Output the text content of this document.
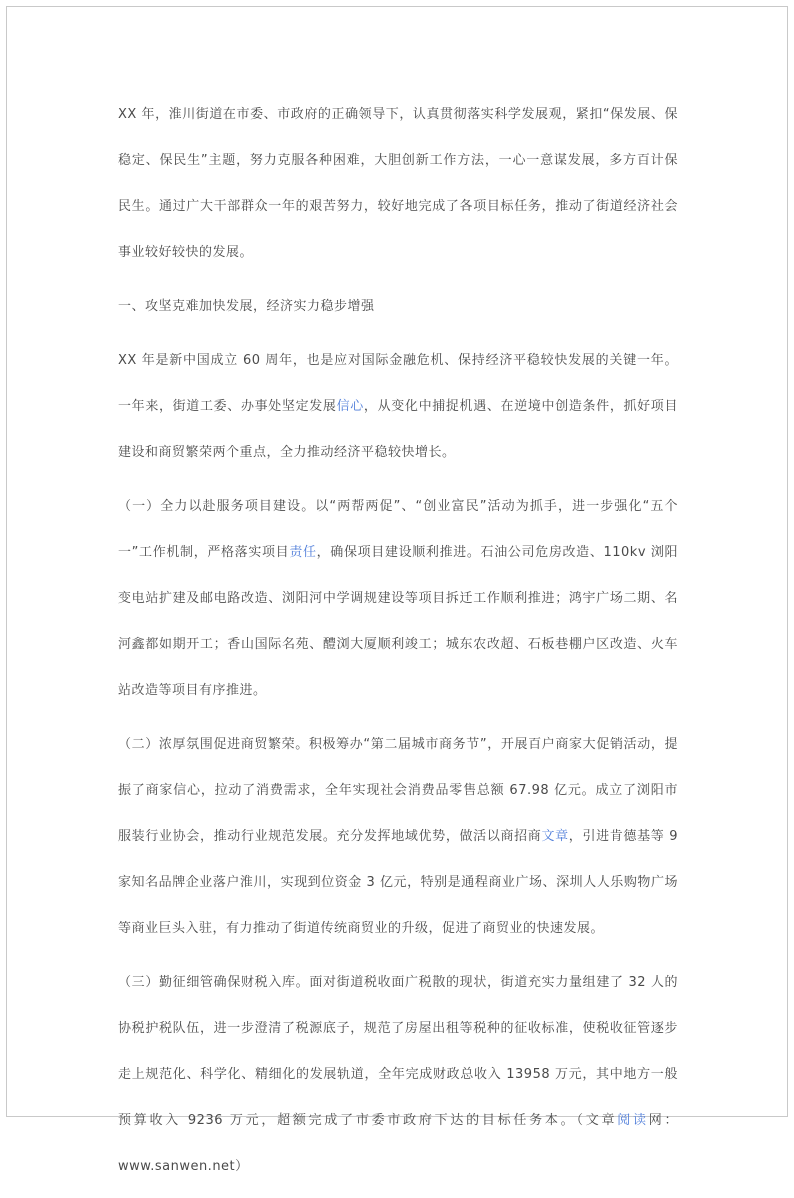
XX 年，淮川街道在市委、市政府的正确领导下，认真贯彻落实科学发展观，紧扣“保发展、保稳定、保民生”主题，努力克服各种困难，大胆创新工作方法，一心一意谋发展，多方百计保民生。通过广大干部群众一年的艰苦努力，较好地完成了各项目标任务，推动了街道经济社会事业较好较快的发展。

一、攻坚克难加快发展，经济实力稳步增强

XX 年是新中国成立 60 周年，也是应对国际金融危机、保持经济平稳较快发展的关键一年。一年来，街道工委、办事处坚定发展信心，从变化中捕捉机遇、在逆境中创造条件，抓好项目建设和商贸繁荣两个重点，全力推动经济平稳较快增长。

（一）全力以赴服务项目建设。以“两帮两促”、“创业富民”活动为抓手，进一步强化“五个一”工作机制，严格落实项目责任，确保项目建设顺利推进。石油公司危房改造、110kv 浏阳变电站扩建及邮电路改造、浏阳河中学调规建设等项目拆迁工作顺利推进；鸿宇广场二期、名河鑫都如期开工；香山国际名苑、醴浏大厦顺利竣工；城东农改超、石板巷棚户区改造、火车站改造等项目有序推进。

（二）浓厚氛围促进商贸繁荣。积极筹办“第二届城市商务节”，开展百户商家大促销活动，提振了商家信心，拉动了消费需求，全年实现社会消费品零售总额 67.98 亿元。成立了浏阳市服装行业协会，推动行业规范发展。充分发挥地域优势，做活以商招商文章，引进肯德基等 9 家知名品牌企业落户淮川，实现到位资金 3 亿元，特别是通程商业广场、深圳人人乐购物广场等商业巨头入驻，有力推动了街道传统商贸业的升级，促进了商贸业的快速发展。

（三）勤征细管确保财税入库。面对街道税收面广税散的现状，街道充实力量组建了 32 人的协税护税队伍，进一步澄清了税源底子，规范了房屋出租等税种的征收标准，使税收征管逐步走上规范化、科学化、精细化的发展轨道，全年完成财政总收入 13958 万元，其中地方一般预算收入 9236 万元，超额完成了市委市政府下达的目标任务本。（文章阅读网：www.sanwen.net）
